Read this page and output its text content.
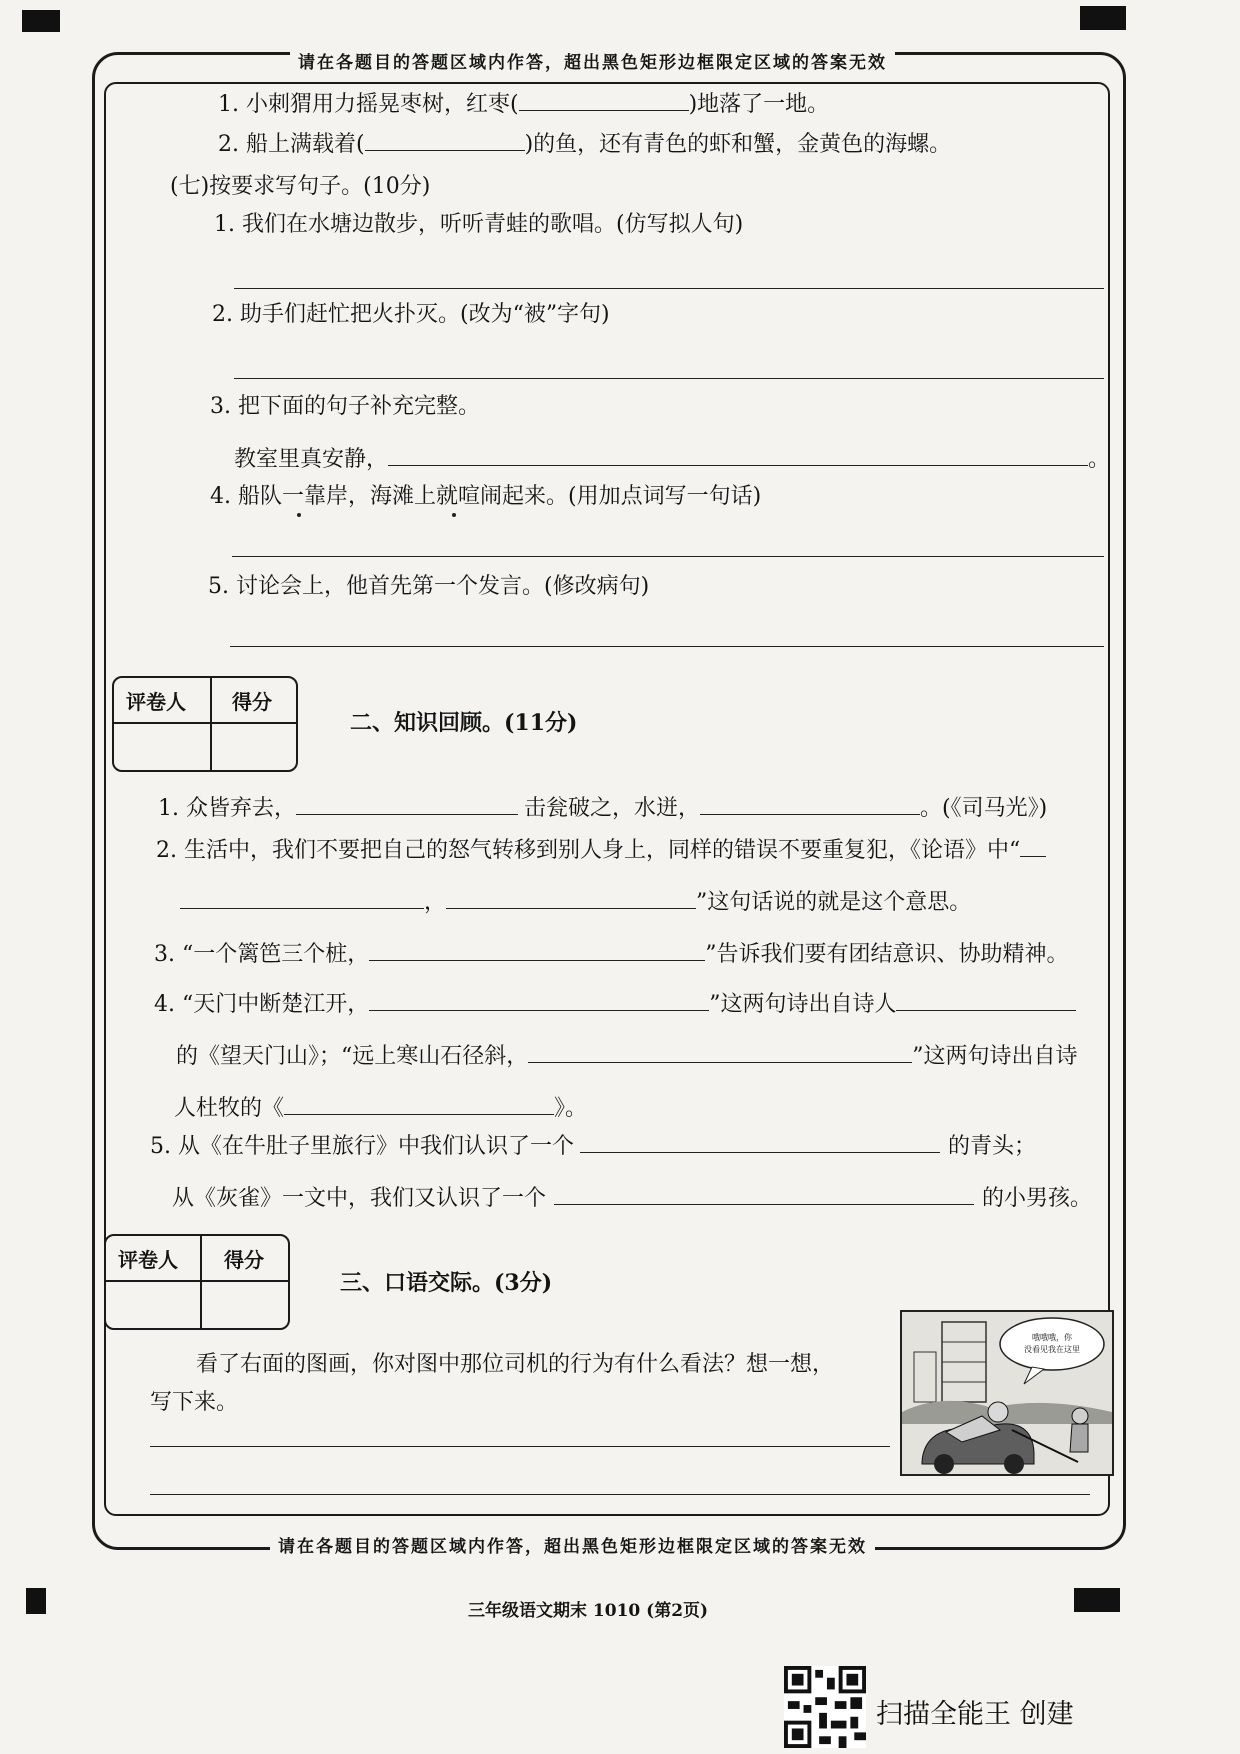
请在各题目的答题区域内作答，超出黑色矩形边框限定区域的答案无效
请在各题目的答题区域内作答，超出黑色矩形边框限定区域的答案无效
1. 小刺猬用力摇晃枣树，红枣(	)地落了一地。
2. 船上满载着(	)的鱼，还有青色的虾和蟹，金黄色的海螺。
(七)按要求写句子。(10分)
1. 我们在水塘边散步，听听青蛙的歌唱。(仿写拟人句)
2. 助手们赶忙把火扑灭。(改为“被”字句)
3. 把下面的句子补充完整。
教室里真安静，	。
4. 船队一靠岸，海滩上就喧闹起来。(用加点词写一句话)
5. 讨论会上，他首先第一个发言。(修改病句)
评卷人 得分
二、知识回顾。(11分)
1. 众皆弃去，	击瓮破之，水迸，	。(《司马光》)
2. 生活中，我们不要把自己的怒气转移到别人身上，同样的错误不要重复犯，《论语》中“
，	”这句话说的就是这个意思。
3. “一个篱笆三个桩，	”告诉我们要有团结意识、协助精神。
4. “天门中断楚江开，	”这两句诗出自诗人
的《望天门山》；“远上寒山石径斜，	”这两句诗出自诗
人杜牧的《	》。
5. 从《在牛肚子里旅行》中我们认识了一个	的青头；
从《灰雀》一文中，我们又认识了一个	的小男孩。
评卷人 得分
三、口语交际。(3分)
看了右面的图画，你对图中那位司机的行为有什么看法？想一想，
写下来。
哦哦哦，你
没看见我在这里
三年级语文期末 1010 (第2页)
扫描全能王 创建
